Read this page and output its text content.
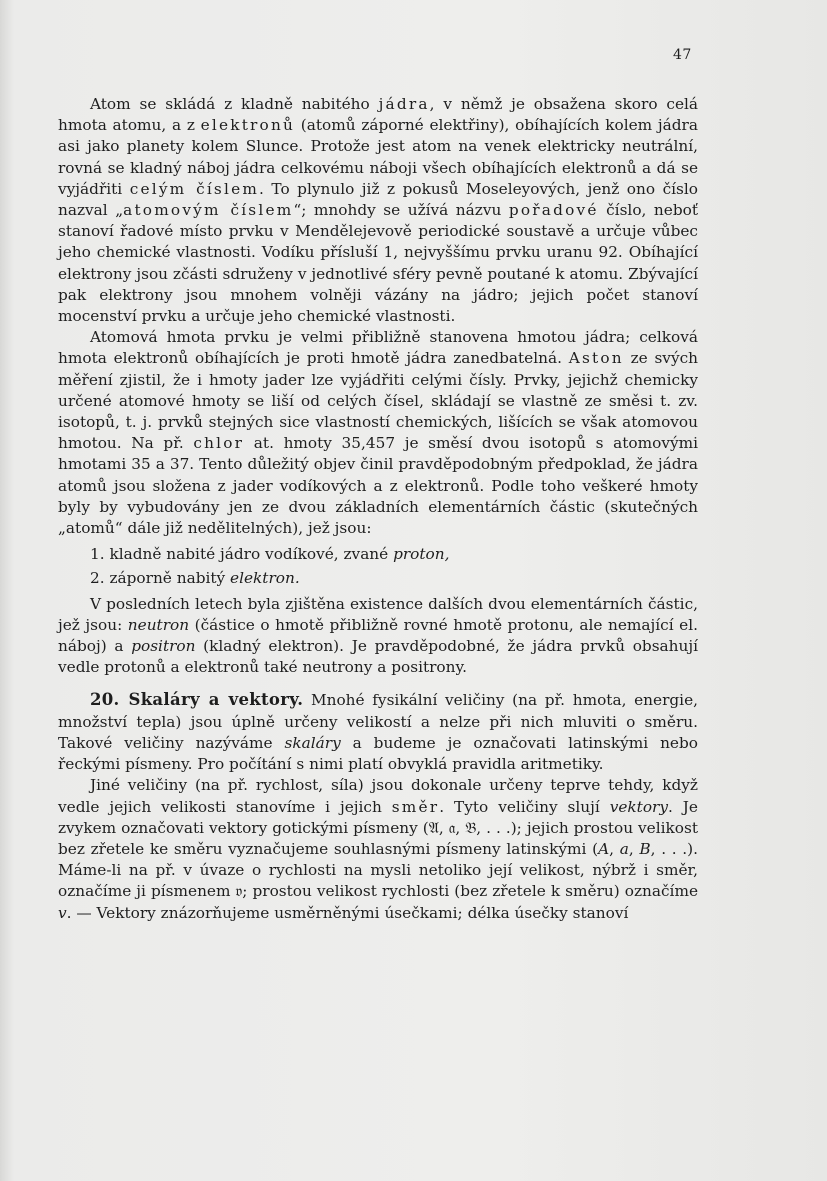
47

Atom se skládá z kladně nabitého jádra, v němž je obsažena skoro celá hmota atomu, a z elektronů (atomů záporné elektřiny), obíhajících kolem jádra asi jako planety kolem Slunce. Protože jest atom na venek elektricky neutrální, rovná se kladný náboj jádra celkovému náboji všech obíhajících elektronů a dá se vyjádřiti celým číslem. To plynulo již z pokusů Moseleyových, jenž ono číslo nazval „atomovým číslem“; mnohdy se užívá názvu pořadové číslo, neboť stanoví řadové místo prvku v Mendělejevově periodické soustavě a určuje vůbec jeho chemické vlastnosti. Vodíku přísluší 1, nejvyššímu prvku uranu 92. Obíhající elektrony jsou zčásti sdruženy v jednotlivé sféry pevně poutané k atomu. Zbývající pak elektrony jsou mnohem volněji vázány na jádro; jejich počet stanoví mocenství prvku a určuje jeho chemické vlastnosti.

Atomová hmota prvku je velmi přibližně stanovena hmotou jádra; celková hmota elektronů obíhajících je proti hmotě jádra zanedbatelná. Aston ze svých měření zjistil, že i hmoty jader lze vyjádřiti celými čísly. Prvky, jejichž chemicky určené atomové hmoty se liší od celých čísel, skládají se vlastně ze směsi t. zv. isotopů, t. j. prvků stejných sice vlastností chemických, lišících se však atomovou hmotou. Na př. chlor at. hmoty 35,457 je směsí dvou isotopů s atomovými hmotami 35 a 37. Tento důležitý objev činil pravděpodobným předpoklad, že jádra atomů jsou složena z jader vodíkových a z elektronů. Podle toho veškeré hmoty byly by vybudovány jen ze dvou základních elementárních částic (skutečných „atomů“ dále již nedělitelných), jež jsou:

1. kladně nabité jádro vodíkové, zvané proton,

2. záporně nabitý elektron.

V posledních letech byla zjištěna existence dalších dvou elementárních částic, jež jsou: neutron (částice o hmotě přibližně rovné hmotě protonu, ale nemající el. náboj) a positron (kladný elektron). Je pravděpodobné, že jádra prvků obsahují vedle protonů a elektronů také neutrony a positrony.

20. Skaláry a vektory. Mnohé fysikální veličiny (na př. hmota, energie, množství tepla) jsou úplně určeny velikostí a nelze při nich mluviti o směru. Takové veličiny nazýváme skaláry a budeme je označovati latinskými nebo řeckými písmeny. Pro počítání s nimi platí obvyklá pravidla aritmetiky.

Jiné veličiny (na př. rychlost, síla) jsou dokonale určeny teprve tehdy, když vedle jejich velikosti stanovíme i jejich směr. Tyto veličiny slují vektory. Je zvykem označovati vektory gotickými písmeny (𝔄, 𝔞, 𝔅, . . .); jejich prostou velikost bez zřetele ke směru vyznačujeme souhlasnými písmeny latinskými (A, a, B, . . .). Máme-li na př. v úvaze o rychlosti na mysli netoliko její velikost, nýbrž i směr, označíme ji písmenem 𝔳; prostou velikost rychlosti (bez zřetele k směru) označíme v. — Vektory znázorňujeme usměrněnými úsečkami; délka úsečky stanoví
